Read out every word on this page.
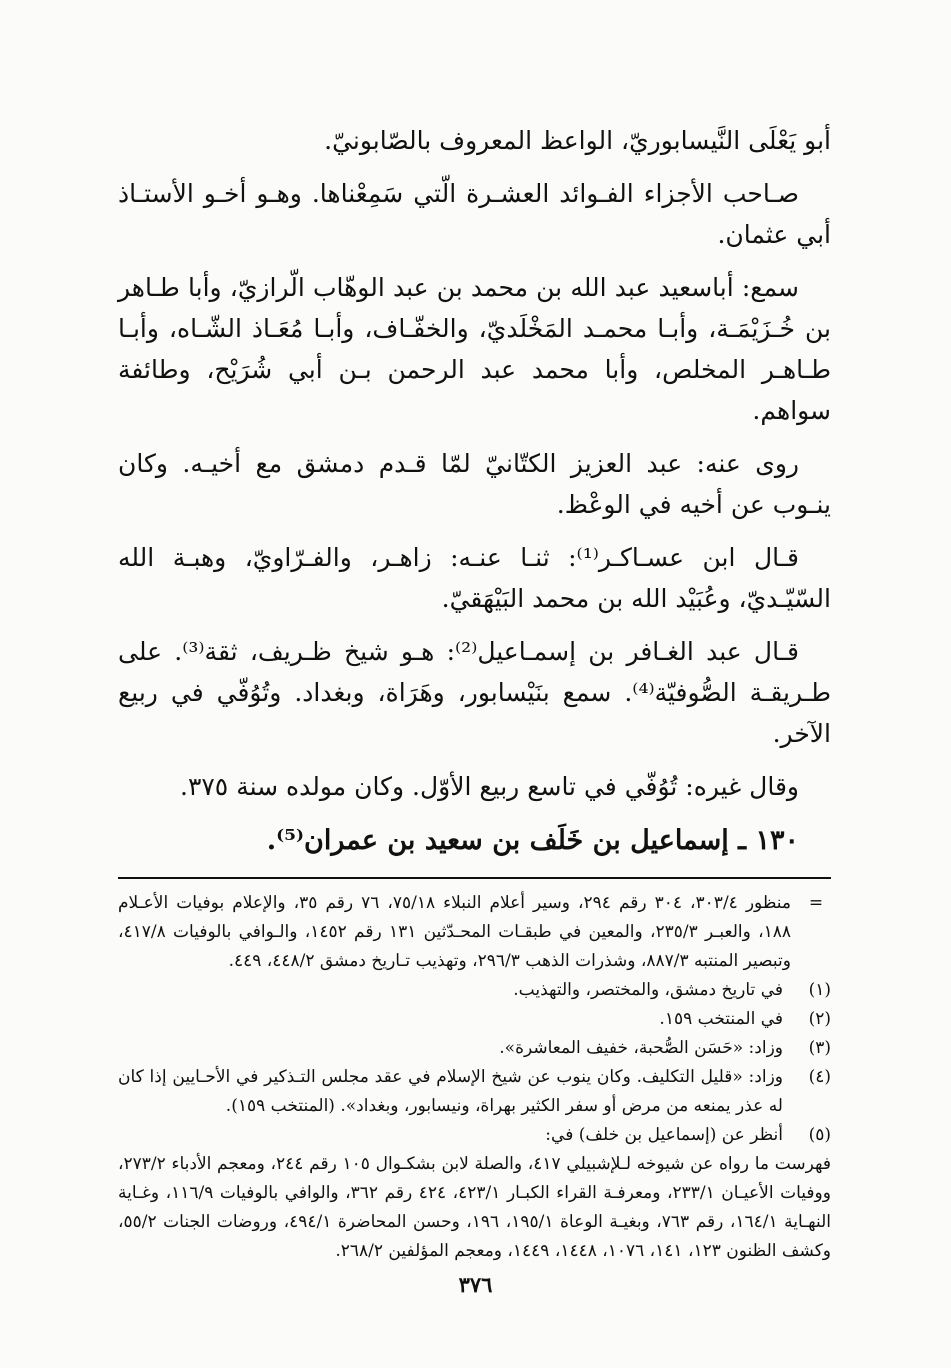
أبو يَعْلَى النَّيسابوريّ، الواعظ المعروف بالصّابونيّ.

صـاحب الأجزاء الفـوائد العشـرة الّتي سَمِعْناها. وهـو أخـو الأستـاذ أبي عثمان.

سمع: أباسعيد عبد الله بن محمد بن عبد الوهّاب الّرازيّ، وأبا طـاهر بن خُـزَيْمَـة، وأبـا محمـد المَخْلَديّ، والخفّـاف، وأبـا مُعَـاذ الشّـاه، وأبـا طـاهـر المخلص، وأبا محمد عبد الرحمن بـن أبي شُرَيْح، وطائفة سواهم.

روى عنه: عبد العزيز الكتّانيّ لمّا قـدم دمشق مع أخيـه. وكان ينـوب عن أخيه في الوعْظ.

قـال ابن عسـاكـر⁽¹⁾: ثنـا عنـه: زاهـر، والفـرّاويّ، وهبـة الله السّيّـديّ، وعُبَيْد الله بن محمد البَيْهَقيّ.

قـال عبد الغـافر بن إسمـاعيل⁽²⁾: هـو شيخ ظـريف، ثقة⁽³⁾. على طـريقـة الصُّوفيّة⁽⁴⁾. سمع بنَيْسابور، وهَرَاة، وبغداد. وتُوُفّي في ربيع الآخر.

وقال غيره: تُوُفّي في تاسع ربيع الأوّل. وكان مولده سنة ٣٧٥.

١٣٠ ـ إسماعيل بن خَلَف بن سعيد بن عمران⁽⁵⁾.

=
منظور ٣٠٣/٤، ٣٠٤ رقم ٢٩٤، وسير أعلام النبلاء ٧٥/١٨، ٧٦ رقم ٣٥، والإعلام بوفيات الأعـلام ١٨٨، والعبـر ٢٣٥/٣، والمعين في طبقـات المحـدّثين ١٣١ رقم ١٤٥٢، والـوافي بالوفيات ٤١٧/٨، وتبصير المنتبه ٨٨٧/٣، وشذرات الذهب ٢٩٦/٣، وتهذيب تـاريخ دمشق ٤٤٨/٢، ٤٤٩.

(١)
في تاريخ دمشق، والمختصر، والتهذيب.
(٢)
في المنتخب ١٥٩.
(٣)
وزاد: «حَسَن الصُّحبة، خفيف المعاشرة».
(٤)
وزاد: «قليل التكليف. وكان ينوب عن شيخ الإسلام في عقد مجلس التـذكير في الأحـايين إذا كان له عذر يمنعه من مرض أو سفر الكثير بهراة، ونيسابور، وبغداد». (المنتخب ١٥٩).
(٥)
أنظر عن (إسماعيل بن خلف) في:

فهرست ما رواه عن شيوخه لـلإشبيلي ٤١٧، والصلة لابن بشكـوال ١٠٥ رقم ٢٤٤، ومعجم الأدباء ٢٧٣/٢، ووفيات الأعيـان ٢٣٣/١، ومعرفـة القراء الكبـار ٤٢٣/١، ٤٢٤ رقم ٣٦٢، والوافي بالوفيات ١١٦/٩، وغـاية النهـاية ١٦٤/١، رقم ٧٦٣، وبغيـة الوعاة ١٩٥/١، ١٩٦، وحسن المحاضرة ٤٩٤/١، وروضات الجنات ٥٥/٢، وكشف الظنون ١٢٣، ١٤١، ١٠٧٦، ١٤٤٨، ١٤٤٩، ومعجم المؤلفين ٢٦٨/٢.

٣٧٦
